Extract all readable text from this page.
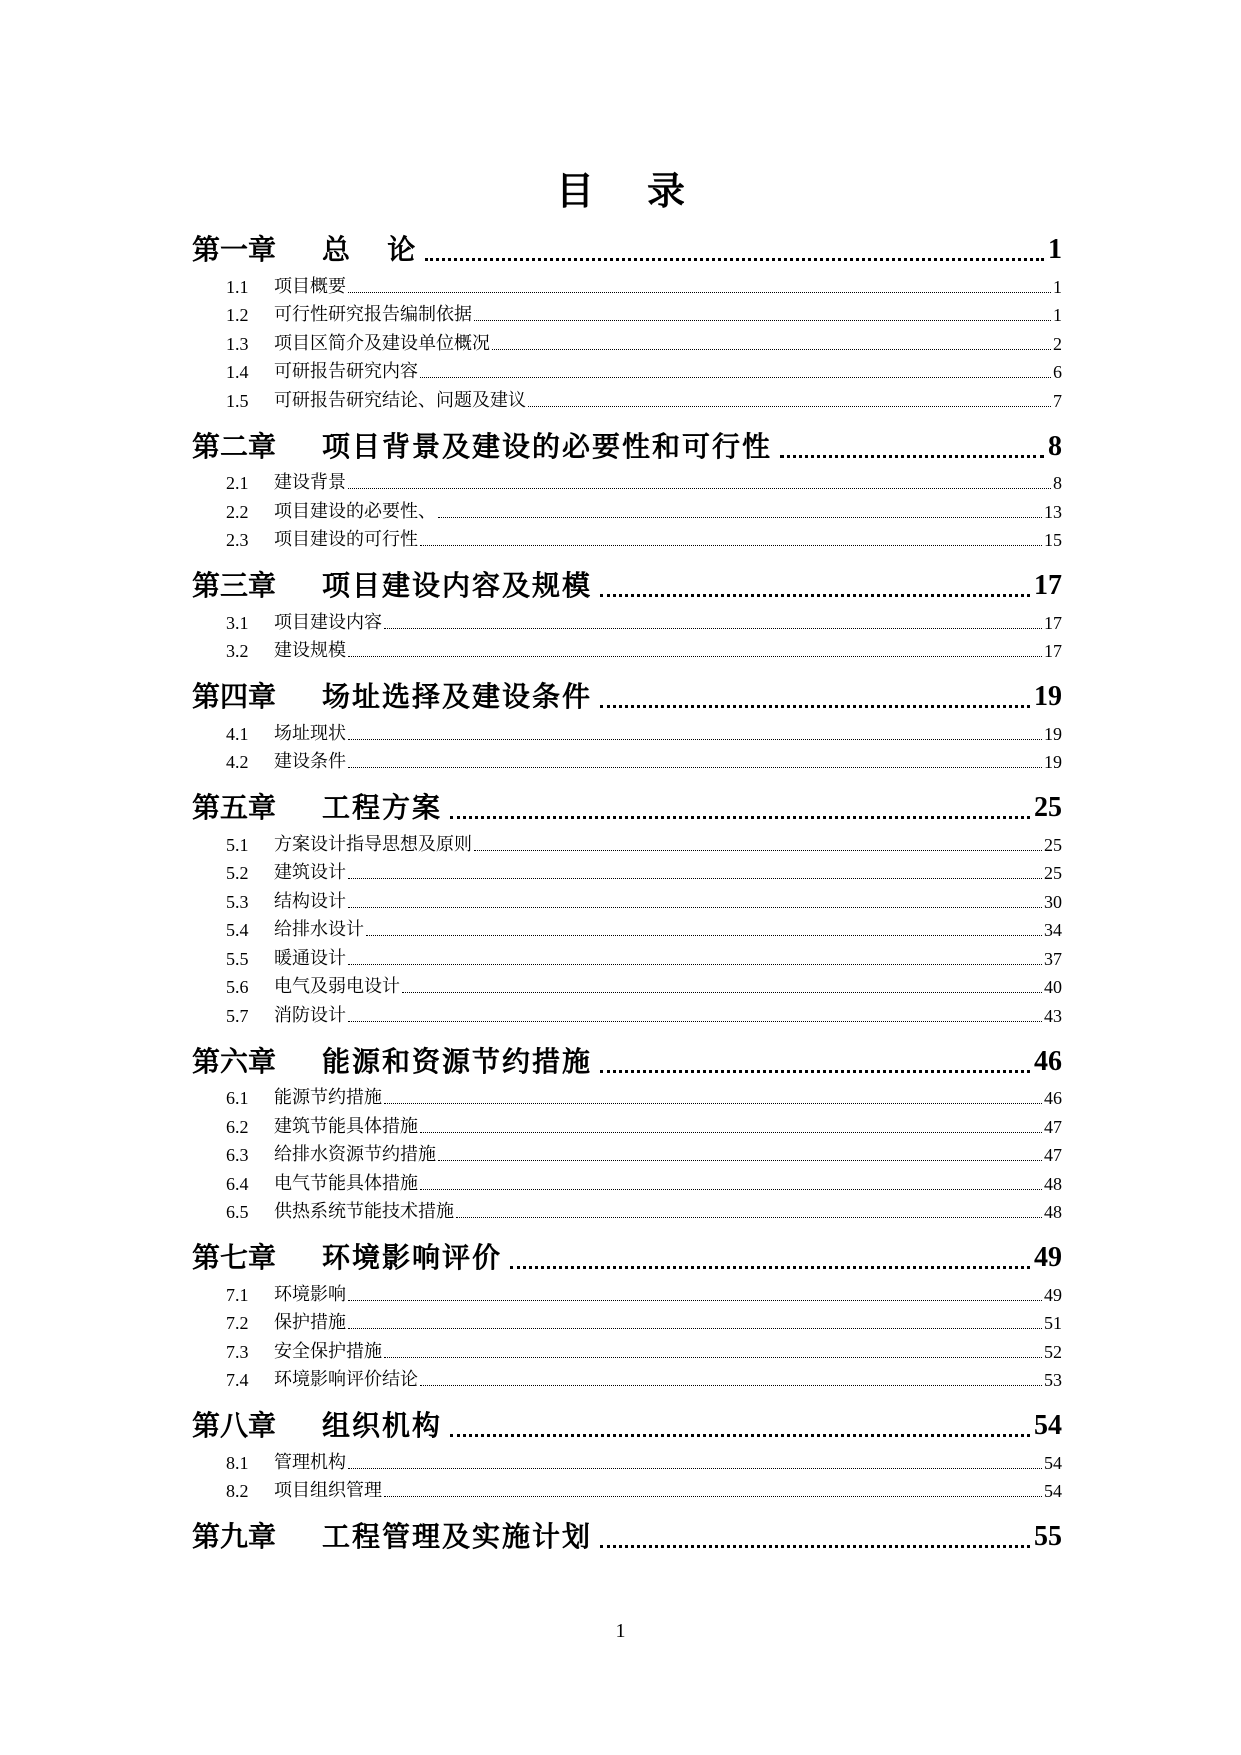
目    录
第一章	总   论	1
1.1	项目概要	1
1.2	可行性研究报告编制依据	1
1.3	项目区简介及建设单位概况	2
1.4	可研报告研究内容	6
1.5	可研报告研究结论、问题及建议	7
第二章	项目背景及建设的必要性和可行性	8
2.1	建设背景	8
2.2	项目建设的必要性、	13
2.3	项目建设的可行性	15
第三章	项目建设内容及规模	17
3.1	项目建设内容	17
3.2	建设规模	17
第四章	场址选择及建设条件	19
4.1	场址现状	19
4.2	建设条件	19
第五章	工程方案	25
5.1	方案设计指导思想及原则	25
5.2	建筑设计	25
5.3	结构设计	30
5.4	给排水设计	34
5.5	暖通设计	37
5.6	电气及弱电设计	40
5.7	消防设计	43
第六章	能源和资源节约措施	46
6.1	能源节约措施	46
6.2	建筑节能具体措施	47
6.3	给排水资源节约措施	47
6.4	电气节能具体措施	48
6.5	供热系统节能技术措施	48
第七章	环境影响评价	49
7.1	环境影响	49
7.2	保护措施	51
7.3	安全保护措施	52
7.4	环境影响评价结论	53
第八章	组织机构	54
8.1	管理机构	54
8.2	项目组织管理	54
第九章	工程管理及实施计划	55
1
